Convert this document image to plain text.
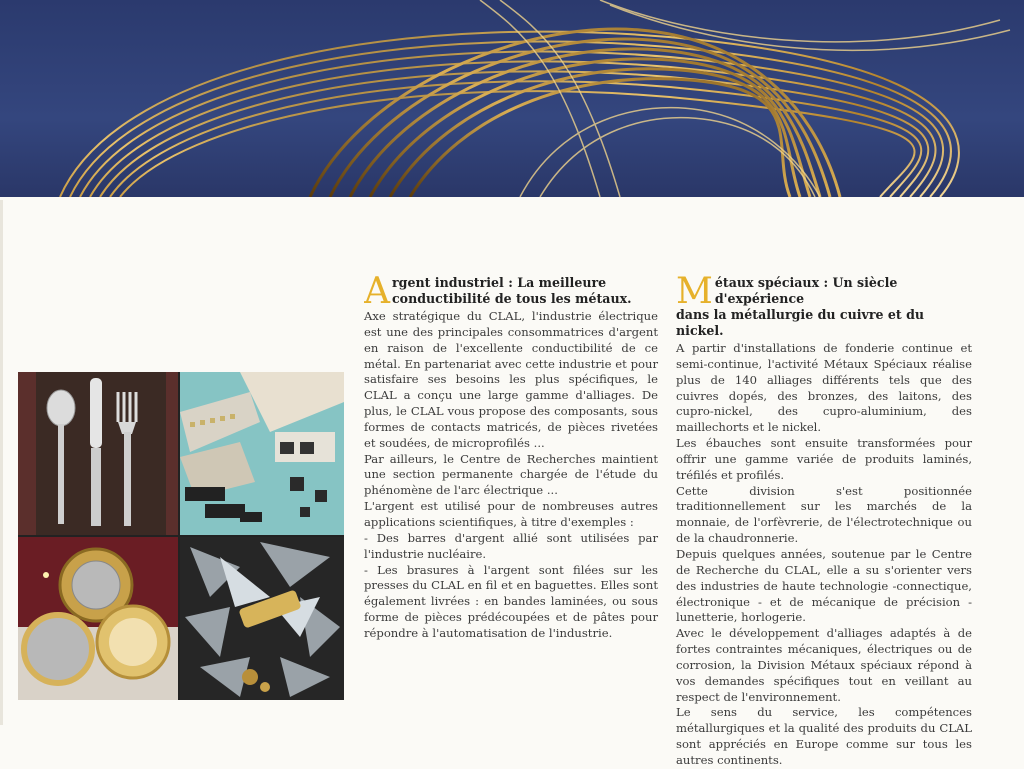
A rgent industriel : La meilleure
conductibilité de tous les métaux.

Axe stratégique du CLAL, l'industrie électrique est une des principales consommatrices d'argent en raison de l'excellente conductibilité de ce métal. En partenariat avec cette industrie et pour satisfaire ses besoins les plus spécifiques, le CLAL a conçu une large gamme d'alliages. De plus, le CLAL vous propose des composants, sous formes de contacts matricés, de pièces rivetées et soudées, de microprofilés ...

Par ailleurs, le Centre de Recherches maintient une section permanente chargée de l'étude du phénomène de l'arc électrique ...

L'argent est utilisé pour de nombreuses autres applications scientifiques, à titre d'exemples :

- Des barres d'argent allié sont utilisées par l'industrie nucléaire.

- Les brasures à l'argent sont filées sur les presses du CLAL en fil et en baguettes. Elles sont également livrées : en bandes laminées, ou sous forme de pièces prédécoupées et de pâtes pour répondre à l'automatisation de l'industrie.

M étaux spéciaux : Un siècle d'expérience
dans la métallurgie du cuivre et du nickel.

A partir d'installations de fonderie continue et semi-continue, l'activité Métaux Spéciaux réalise plus de 140 alliages différents tels que des cuivres dopés, des bronzes, des laitons, des cupro-nickel, des cupro-aluminium, des maillechorts et le nickel.

Les ébauches sont ensuite transformées pour offrir une gamme variée de produits laminés, tréfilés et profilés.

Cette division s'est positionnée traditionnellement sur les marchés de la monnaie, de l'orfèvrerie, de l'électrotechnique ou de la chaudronnerie.

Depuis quelques années, soutenue par le Centre de Recherche du CLAL, elle a su s'orienter vers des industries de haute technologie -connectique, électronique - et de mécanique de précision - lunetterie, horlogerie.

Avec le développement d'alliages adaptés à de fortes contraintes mécaniques, électriques ou de corrosion, la Division Métaux spéciaux répond à vos demandes spécifiques tout en veillant au respect de l'environnement.

Le sens du service, les compétences métallurgiques et la qualité des produits du CLAL sont appréciés en Europe comme sur tous les autres continents.
